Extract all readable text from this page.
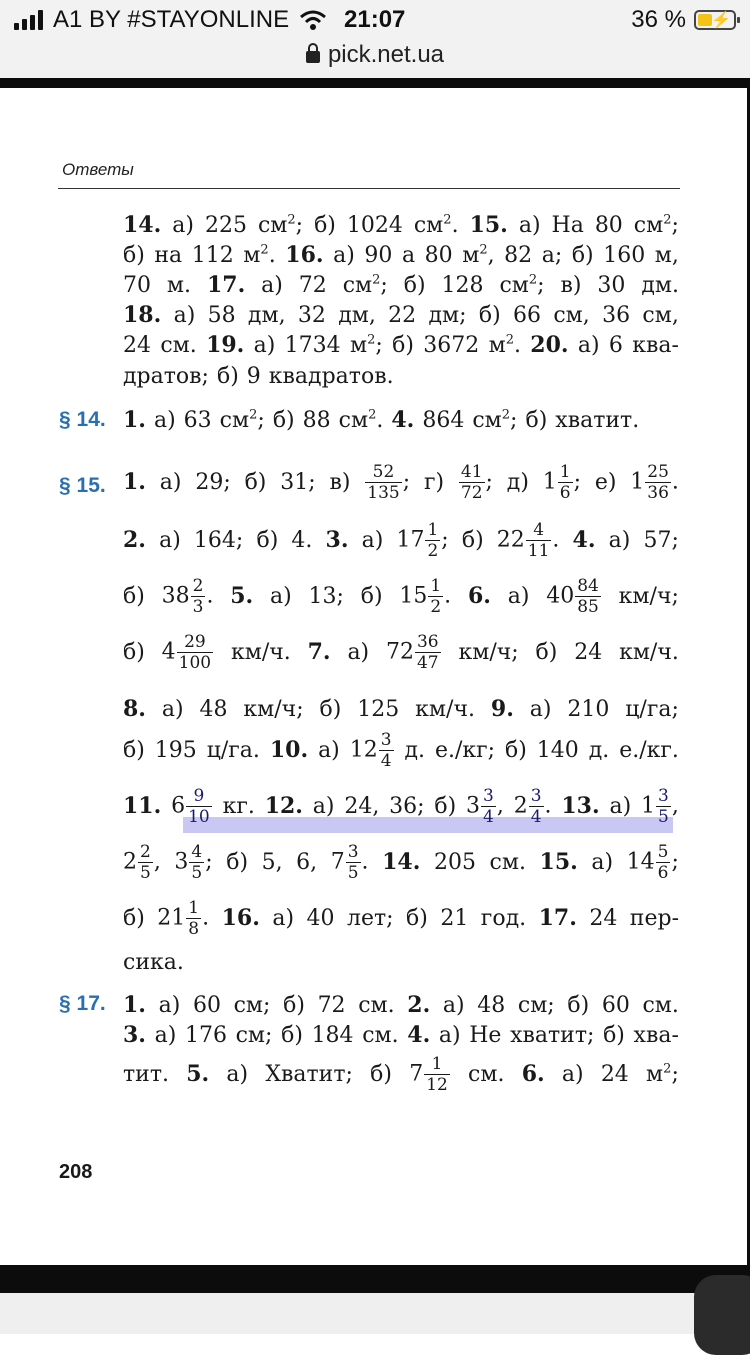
A1 BY #STAYONLINE 21:07	36 % ⚡
pick.net.ua
Ответы
14. а) 225 $см^2$; б) 1024 $см^2$. 15. а) На 80 $см^2$;
б) на 112 $м^2$. 16. а) 90 а 80 $м^2$, 82 а; б) 160 м,
70 м. 17. а) 72 $см^2$; б) 128 $см^2$; в) 30 дм.
18. а) 58 дм, 32 дм, 22 дм; б) 66 см, 36 см,
24 см. 19. а) 1734 $м^2$; б) 3672 $м^2$. 20. а) 6 ква-
дратов; б) 9 квадратов.
§ 14. 1. а) 63 $см^2$; б) 88 $см^2$. 4. 864 $см^2$; б) хватит.
§ 15. 1. а) 29; б) 31; $в) \frac{52}{135}$ ; $г) \frac{41}{72}$ ; д) $1 \frac{1}{6}$ ; е) $1 \frac{25}{36}$ .
2. а) 164; б) 4. 3. а) $17 \frac{1}{2}$ ; б) $22 \frac{4}{11}$ . 4. а) 57;
б) $38 \frac{2}{3}$ . 5. а) 13; б) $15 \frac{1}{2}$ . 6. а) $40 \frac{84}{85} км/ч$;
б) $4 \frac{29}{100} км/ч$. 7. а) $72 \frac{36}{47} км/ч$; б) 24 км/ч.
8. а) 48 км/ч; б) 125 км/ч. 9. а) 210 ц/га;
б) 195 ц/га. 10. а) $12 \frac{3}{4} д$. е./кг; б) 140 д. е./кг.
11. $6 \frac{9}{10}$ кг. 12. а) 24, 36; б) $3 \frac{3}{4}$ , $2 \frac{3}{4}$ . 13. а) $1 \frac{3}{5}$ ,
$2 \frac{2}{5}$ , $3 \frac{4}{5}$ ; б) 5, 6, $7 \frac{3}{5}$ . 14. 205 см. 15. а) $14 \frac{5}{6}$ ;
б) $21 \frac{1}{8}$ . 16. а) 40 лет; б) 21 год. 17. 24 пер-
сика.
§ 17. 1. а) 60 см; б) 72 см. 2. а) 48 см; б) 60 см.
3. а) 176 см; б) 184 см. 4. а) Не хватит; б) хва-
тит. 5. а) Хватит; б) $7 \frac{1}{12}$ см. 6. а) 24 $м^2$;
208
